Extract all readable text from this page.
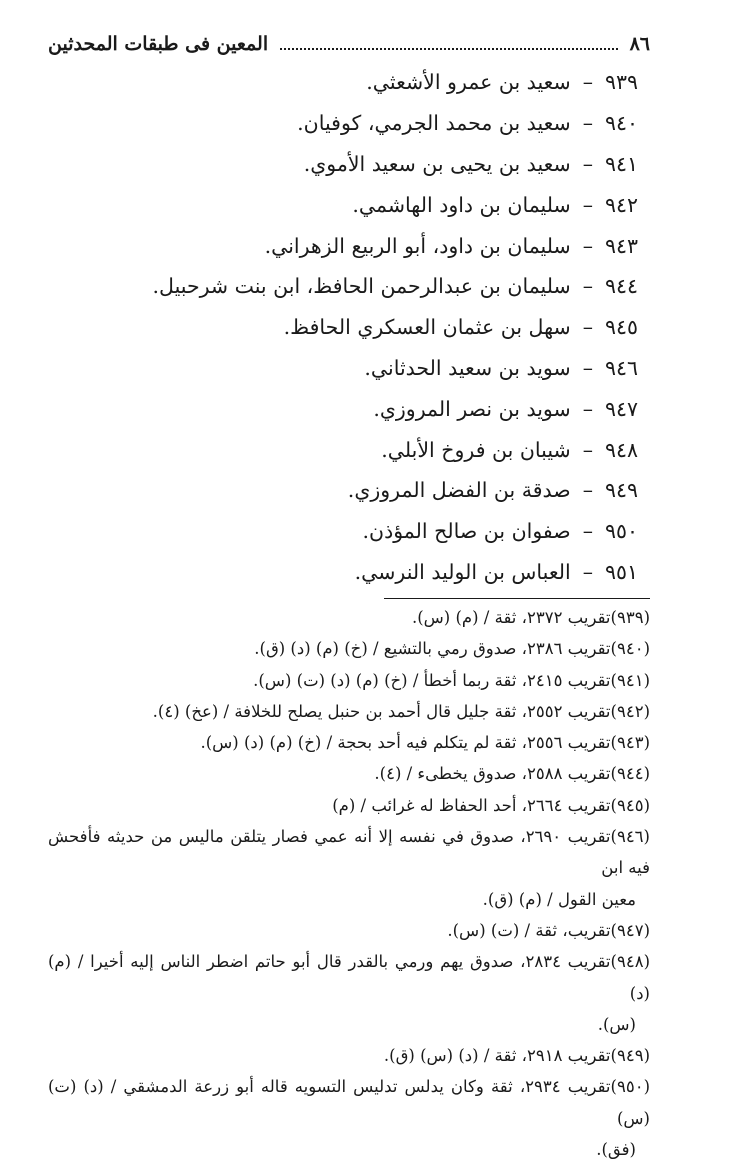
٨٦
المعين فى طبقات المحدثين
٩٣٩
–
سعيد بن عمرو الأشعثي.
٩٤٠
–
سعيد بن محمد الجرمي، كوفيان.
٩٤١
–
سعيد بن يحيى بن سعيد الأموي.
٩٤٢
–
سليمان بن داود الهاشمي.
٩٤٣
–
سليمان بن داود، أبو الربيع الزهراني.
٩٤٤
–
سليمان بن عبدالرحمن الحافظ، ابن بنت شرحبيل.
٩٤٥
–
سهل بن عثمان العسكري الحافظ.
٩٤٦
–
سويد بن سعيد الحدثاني.
٩٤٧
–
سويد بن نصر المروزي.
٩٤٨
–
شيبان بن فروخ الأبلي.
٩٤٩
–
صدقة بن الفضل المروزي.
٩٥٠
–
صفوان بن صالح المؤذن.
٩٥١
–
العباس بن الوليد النرسي.
(٩٣٩)تقريب ٢٣٧٢، ثقة / (م) (س).
(٩٤٠)تقريب ٢٣٨٦، صدوق رمي بالتشيع / (خ) (م) (د) (ق).
(٩٤١)تقريب ٢٤١٥، ثقة ربما أخطأ / (خ) (م) (د) (ت) (س).
(٩٤٢)تقريب ٢٥٥٢، ثقة جليل قال أحمد بن حنبل يصلح للخلافة / (عخ) (٤).
(٩٤٣)تقريب ٢٥٥٦، ثقة لم يتكلم فيه أحد بحجة / (خ) (م) (د) (س).
(٩٤٤)تقريب ٢٥٨٨، صدوق يخطىء / (٤).
(٩٤٥)تقريب ٢٦٦٤، أحد الحفاظ له غرائب / (م)
(٩٤٦)تقريب ٢٦٩٠، صدوق في نفسه إلا أنه عمي فصار يتلقن ماليس من حديثه فأفحش فيه ابن
معين القول / (م) (ق).
(٩٤٧)تقريب، ثقة / (ت) (س).
(٩٤٨)تقريب ٢٨٣٤، صدوق يهم ورمي بالقدر قال أبو حاتم اضطر الناس إليه أخيرا / (م) (د)
(س).
(٩٤٩)تقريب ٢٩١٨، ثقة / (د) (س) (ق).
(٩٥٠)تقريب ٢٩٣٤، ثقة وكان يدلس تدليس التسويه قاله أبو زرعة الدمشقي / (د) (ت) (س)
(فق).
